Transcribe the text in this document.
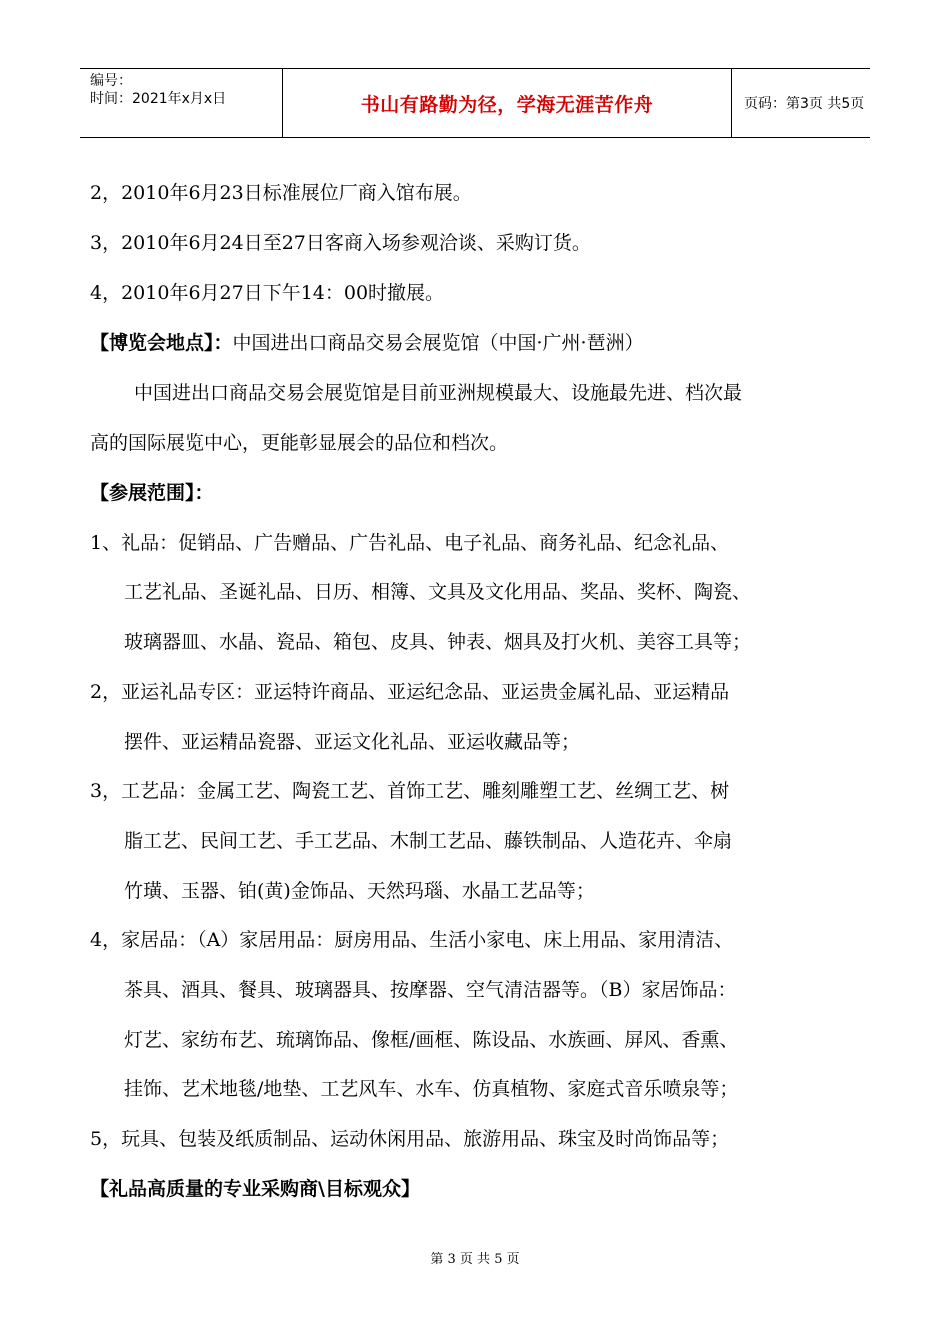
编号：
时间：2021年x月x日	书山有路勤为径，学海无涯苦作舟	页码：第3页 共5页
2，2010年6月23日标准展位厂商入馆布展。
3，2010年6月24日至27日客商入场参观洽谈、采购订货。
4，2010年6月27日下午14：00时撤展。
【博览会地点】：中国进出口商品交易会展览馆（中国·广州·琶洲）
中国进出口商品交易会展览馆是目前亚洲规模最大、设施最先进、档次最
高的国际展览中心，更能彰显展会的品位和档次。
【参展范围】：
1、礼品：促销品、广告赠品、广告礼品、电子礼品、商务礼品、纪念礼品、
工艺礼品、圣诞礼品、日历、相簿、文具及文化用品、奖品、奖杯、陶瓷、
玻璃器皿、水晶、瓷品、箱包、皮具、钟表、烟具及打火机、美容工具等；
2，亚运礼品专区：亚运特许商品、亚运纪念品、亚运贵金属礼品、亚运精品
摆件、亚运精品瓷器、亚运文化礼品、亚运收藏品等；
3，工艺品：金属工艺、陶瓷工艺、首饰工艺、雕刻雕塑工艺、丝绸工艺、树
脂工艺、民间工艺、手工艺品、木制工艺品、藤铁制品、人造花卉、伞扇
竹璜、玉器、铂(黄)金饰品、天然玛瑙、水晶工艺品等；
4，家居品：（A）家居用品：厨房用品、生活小家电、床上用品、家用清洁、
茶具、酒具、餐具、玻璃器具、按摩器、空气清洁器等。（B）家居饰品：
灯艺、家纺布艺、琉璃饰品、像框/画框、陈设品、水族画、屏风、香熏、
挂饰、艺术地毯/地垫、工艺风车、水车、仿真植物、家庭式音乐喷泉等；
5，玩具、包装及纸质制品、运动休闲用品、旅游用品、珠宝及时尚饰品等；
【礼品高质量的专业采购商\目标观众】
第 3 页 共 5 页
